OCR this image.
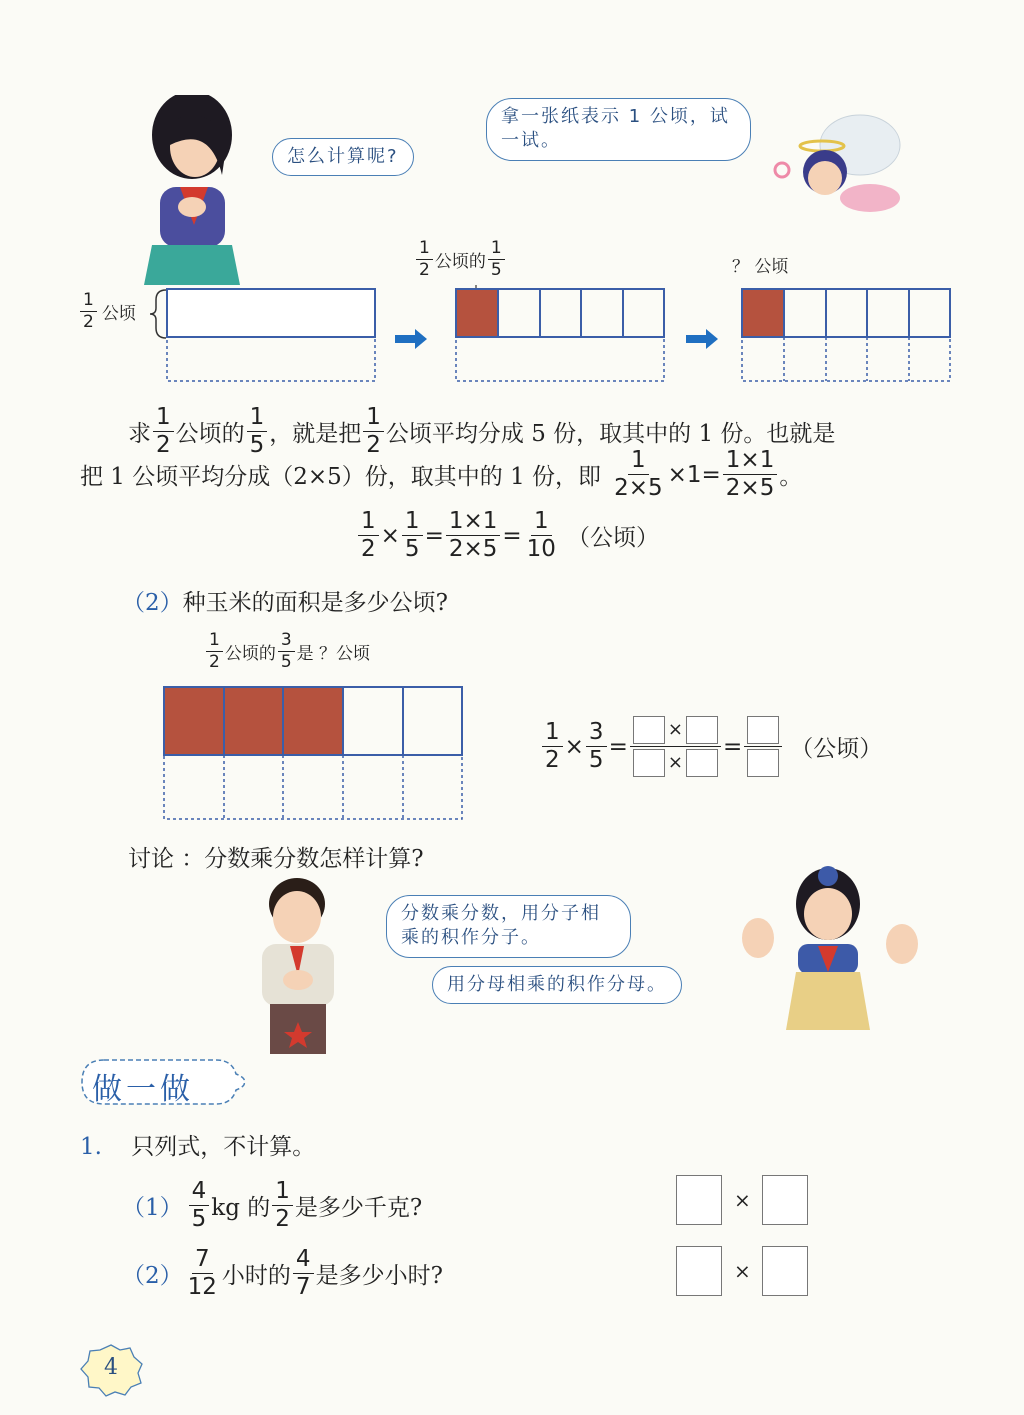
怎么计算呢?
拿一张纸表示 1 公顷，试一试。
$\frac{1}{2}$ 公顷
$\frac{1}{2}$ 公顷的 $\frac{1}{5}$	？ 公顷
求 $\frac{1}{2}$ 公顷的 $\frac{1}{5}$ ，就是把 $\frac{1}{2}$ 公顷平均分成 5 份，取其中的 1 份。也就是
把 1 公顷平均分成（2×5）份，取其中的 1 份，即 $\frac{1}{2\times 5} \times 1= \frac{1\times 1}{2\times 5}$ 。
$\frac{1}{2} \times \frac{1}{5} = \frac{1\times 1}{2\times 5} = \frac{1}{10}$ （公顷）
（2）种玉米的面积是多少公顷?
$\frac{1}{2}$ 公顷的 $\frac{3}{5}$ 是 ？公顷
$\frac{1}{2} \times \frac{3}{5} = \frac{\times}{\times}$ = （公顷）
讨论 ：分数乘分数怎样计算?
分数乘分数，用分子相乘的积作分子。
用分母相乘的积作分母。
做一做
1. 只列式，不计算。
$(1) \frac{4}{5}$ kg 的 $\frac{1}{2}$ 是多少千克?	×
$(2) \frac{7}{12}$ 小时的 $\frac{4}{7}$ 是多少小时?	×
4
